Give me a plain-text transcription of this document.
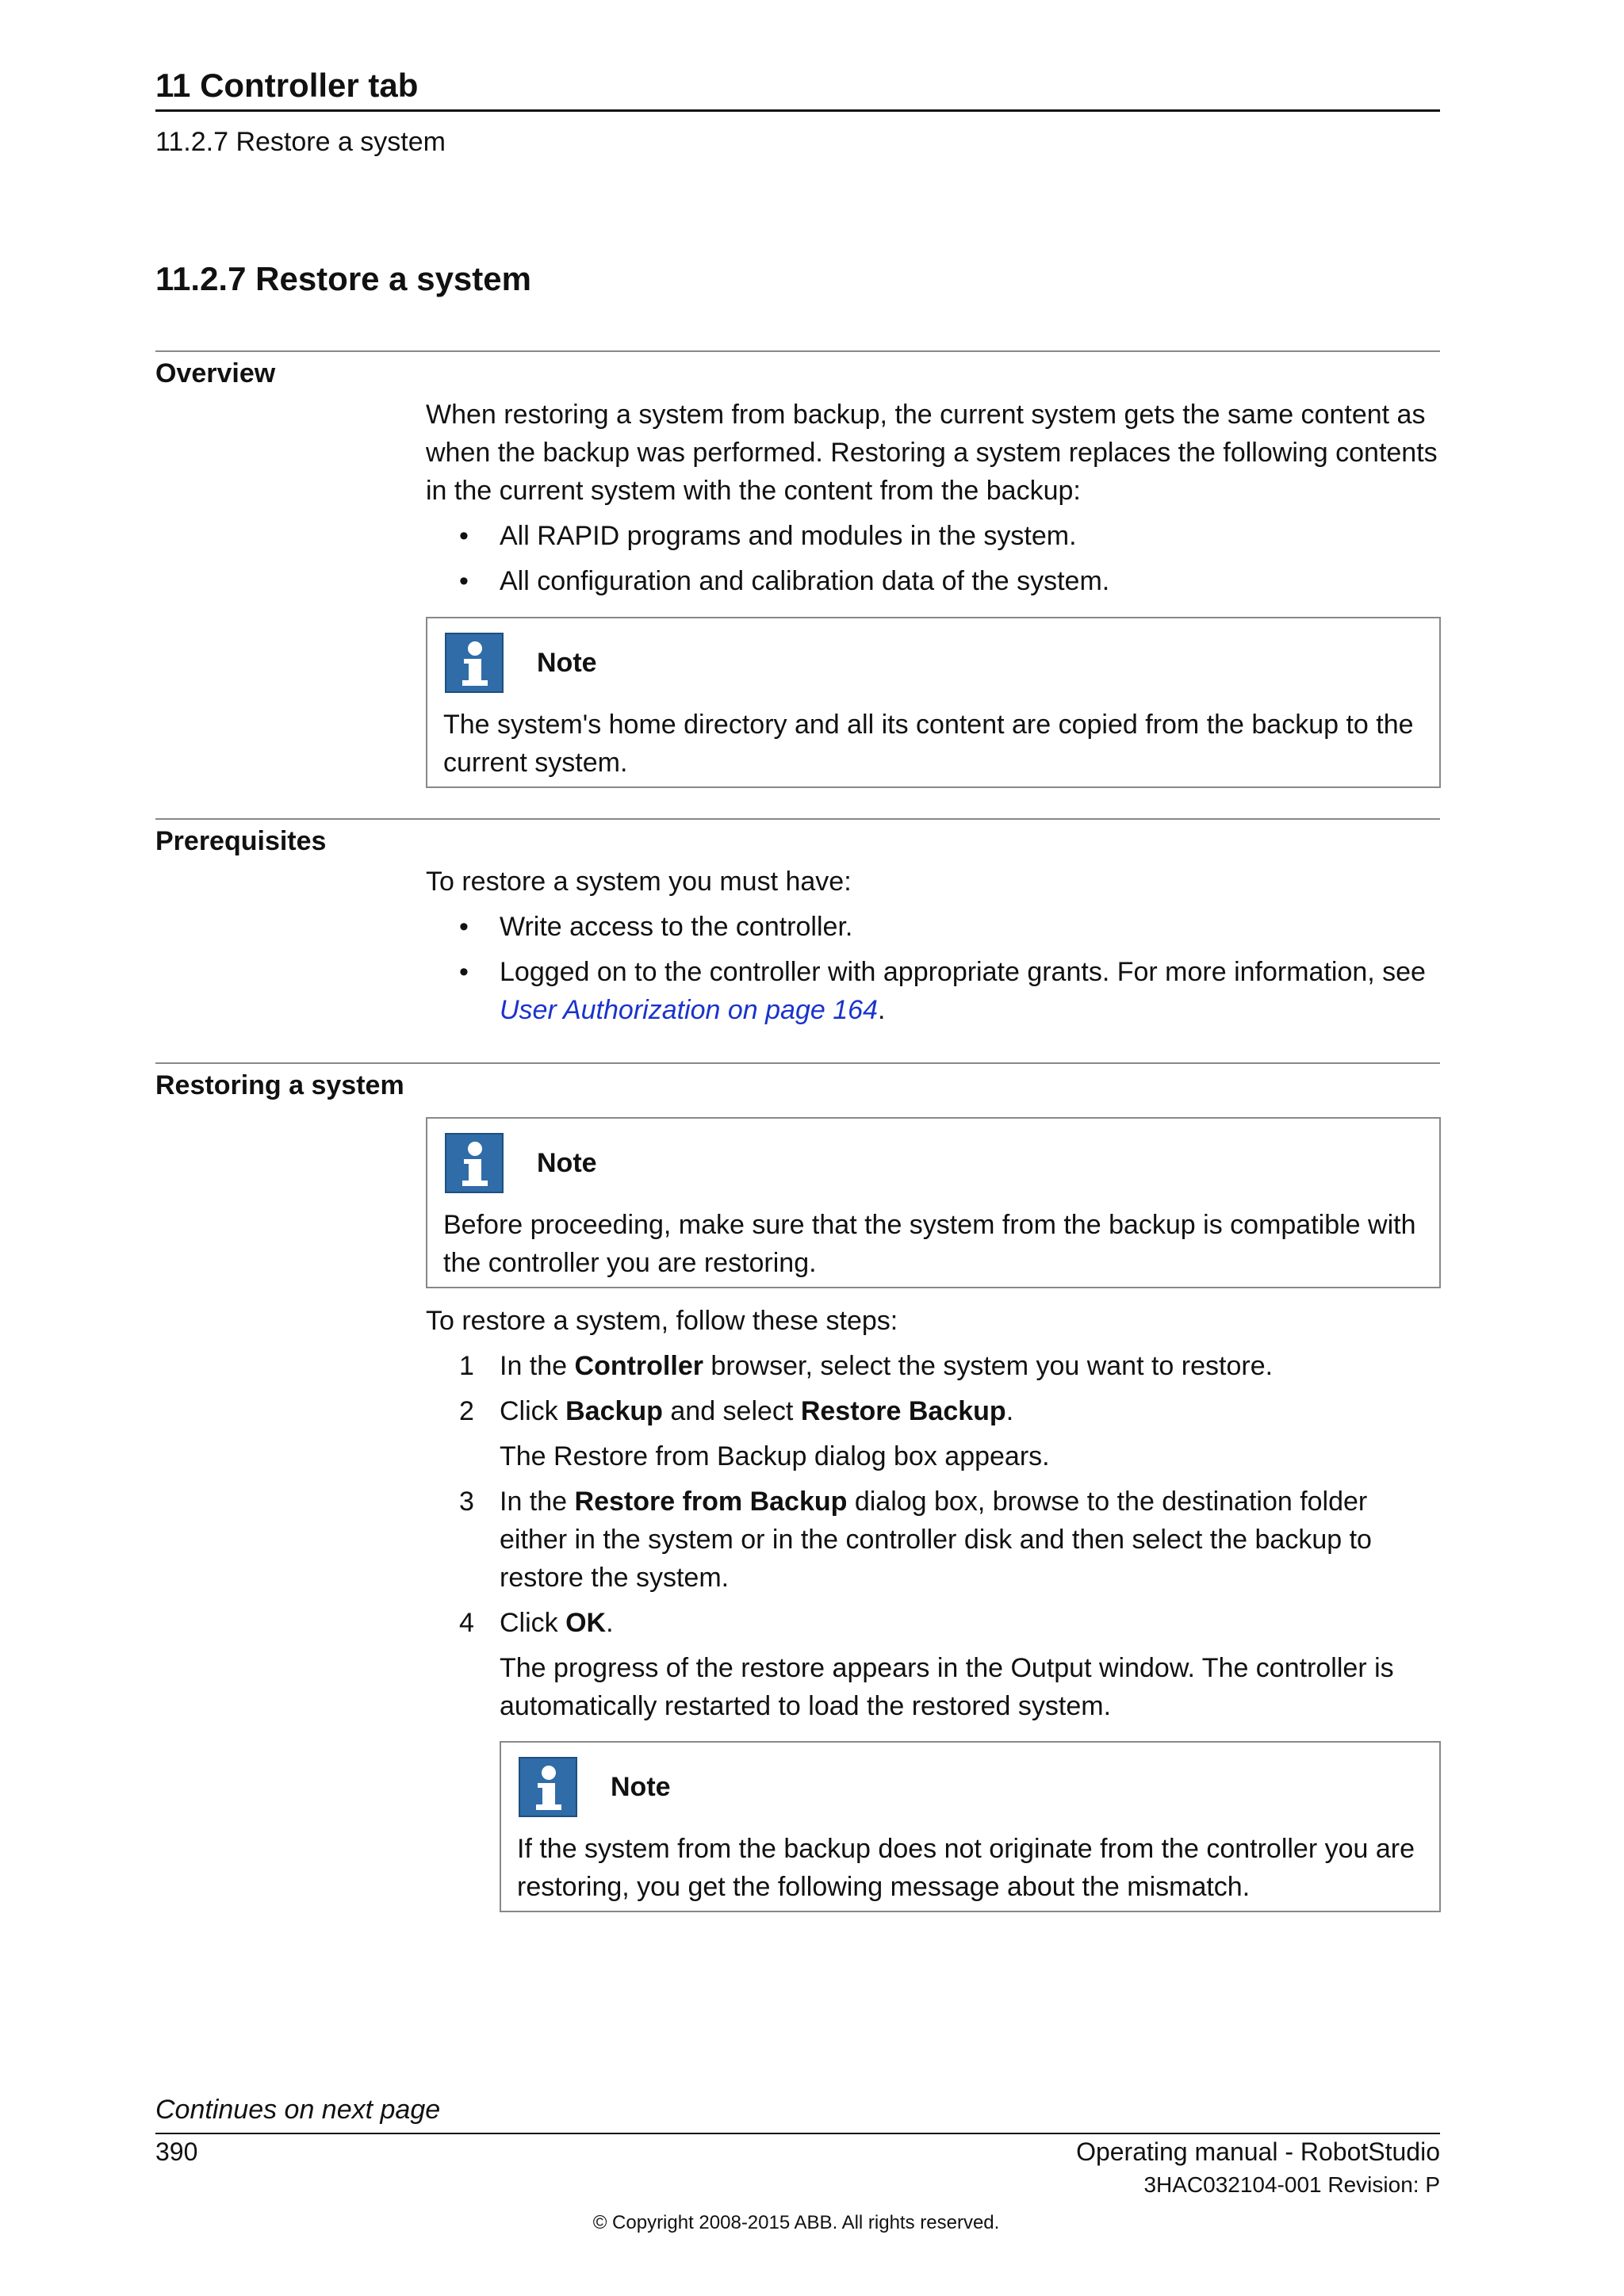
11 Controller tab
11.2.7 Restore a system
11.2.7 Restore a system
Overview

When restoring a system from backup, the current system gets the same content as when the backup was performed. Restoring a system replaces the following contents in the current system with the content from the backup:

• All RAPID programs and modules in the system.
• All configuration and calibration data of the system.
Note
The system's home directory and all its content are copied from the backup to the current system.
Prerequisites

To restore a system you must have:

• Write access to the controller.
• Logged on to the controller with appropriate grants. For more information, see User Authorization on page 164.
Restoring a system
Note
Before proceeding, make sure that the system from the backup is compatible with the controller you are restoring.

To restore a system, follow these steps:

1 In the Controller browser, select the system you want to restore.
2 Click Backup and select Restore Backup.
The Restore from Backup dialog box appears.
3 In the Restore from Backup dialog box, browse to the destination folder either in the system or in the controller disk and then select the backup to restore the system.
4 Click OK.
The progress of the restore appears in the Output window. The controller is automatically restarted to load the restored system.
Note
If the system from the backup does not originate from the controller you are restoring, you get the following message about the mismatch.
Continues on next page
390	Operating manual - RobotStudio
3HAC032104-001 Revision: P
© Copyright 2008-2015 ABB. All rights reserved.
